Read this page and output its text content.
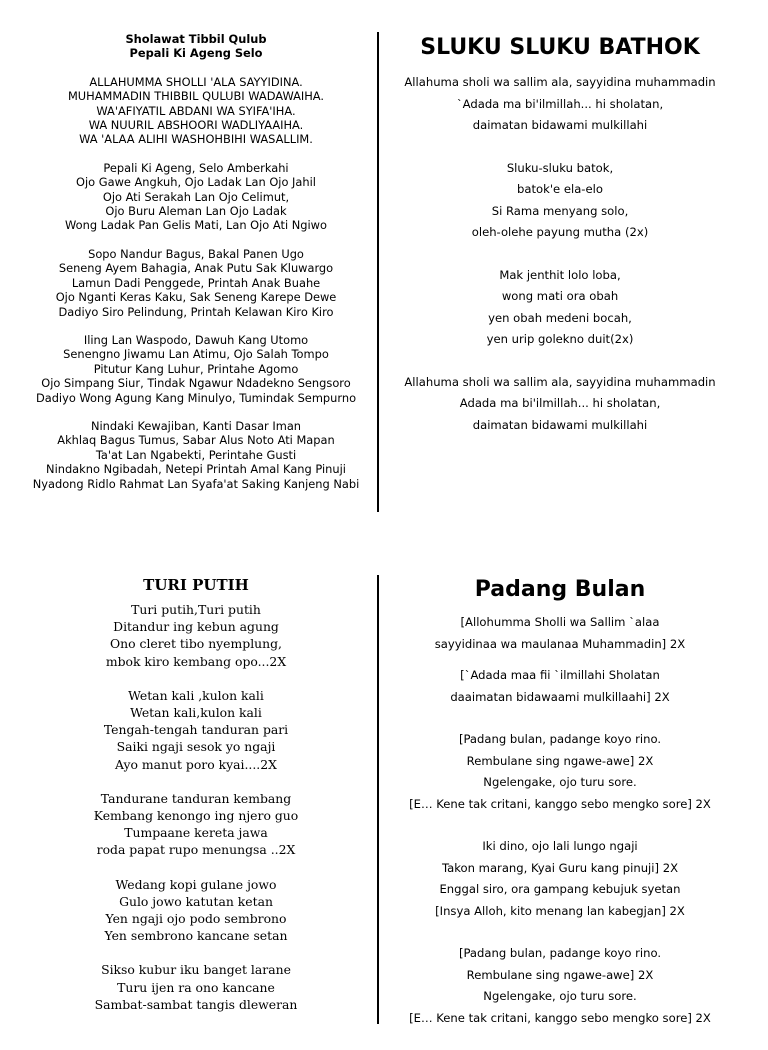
Sholawat Tibbil Qulub
Pepali Ki Ageng Selo
ALLAHUMMA SHOLLI 'ALA SAYYIDINA.
MUHAMMADIN THIBBIL QULUBI WADAWAIHA.
WA'AFIYATIL ABDANI WA SYIFA'IHA.
WA NUURIL ABSHOORI WADLIYAAIHA.
WA 'ALAA ALIHI WASHOHBIHI WASALLIM.
Pepali Ki Ageng, Selo Amberkahi
Ojo Gawe Angkuh, Ojo Ladak Lan Ojo Jahil
Ojo Ati Serakah Lan Ojo Celimut,
Ojo Buru Aleman Lan Ojo Ladak
Wong Ladak Pan Gelis Mati, Lan Ojo Ati Ngiwo
Sopo Nandur Bagus, Bakal Panen Ugo
Seneng Ayem Bahagia, Anak Putu Sak Kluwargo
Lamun Dadi Penggede, Printah Anak Buahe
Ojo Nganti Keras Kaku, Sak Seneng Karepe Dewe
Dadiyo Siro Pelindung, Printah Kelawan Kiro Kiro
Iling Lan Waspodo, Dawuh Kang Utomo
Senengno Jiwamu Lan Atimu, Ojo Salah Tompo
Pitutur Kang Luhur, Printahe Agomo
Ojo Simpang Siur, Tindak Ngawur Ndadekno Sengsoro
Dadiyo Wong Agung Kang Minulyo, Tumindak Sempurno
Nindaki Kewajiban, Kanti Dasar Iman
Akhlaq Bagus Tumus, Sabar Alus Noto Ati Mapan
Ta'at Lan Ngabekti, Perintahe Gusti
Nindakno Ngibadah, Netepi Printah Amal Kang Pinuji
Nyadong Ridlo Rahmat Lan Syafa'at Saking Kanjeng Nabi
SLUKU SLUKU BATHOK
Allahuma sholi wa sallim ala, sayyidina muhammadin
`Adada ma bi'ilmillah... hi sholatan,
daimatan bidawami mulkillahi
Sluku-sluku batok,
batok'e ela-elo
Si Rama menyang solo,
oleh-olehe payung mutha (2x)
Mak jenthit lolo loba,
wong mati ora obah
yen obah medeni bocah,
yen urip golekno duit(2x)
Allahuma sholi wa sallim ala, sayyidina muhammadin
Adada ma bi'ilmillah... hi sholatan,
daimatan bidawami mulkillahi
TURI PUTIH
Turi putih,Turi putih
Ditandur ing kebun agung
Ono cleret tibo nyemplung,
mbok kiro kembang opo...2X
Wetan kali ,kulon kali
Wetan kali,kulon kali
Tengah-tengah tanduran pari
Saiki ngaji sesok yo ngaji
Ayo manut poro kyai....2X
Tandurane tanduran kembang
Kembang kenongo ing njero guo
Tumpaane kereta jawa
roda papat rupo menungsa ..2X
Wedang kopi gulane jowo
Gulo jowo katutan ketan
Yen ngaji ojo podo sembrono
Yen sembrono kancane setan
Sikso kubur iku banget larane
Turu ijen ra ono kancane
Sambat-sambat tangis dleweran
Padang Bulan
[Allohumma Sholli wa Sallim `alaa
sayyidinaa wa maulanaa Muhammadin] 2X
[`Adada maa fii `ilmillahi Sholatan
daaimatan bidawaami mulkillaahi] 2X
[Padang bulan, padange koyo rino.
Rembulane sing ngawe-awe] 2X
Ngelengake, ojo turu sore.
[E… Kene tak critani, kanggo sebo mengko sore] 2X
Iki dino, ojo lali lungo ngaji
Takon marang, Kyai Guru kang pinuji] 2X
Enggal siro, ora gampang kebujuk syetan
[Insya Alloh, kito menang lan kabegjan] 2X
[Padang bulan, padange koyo rino.
Rembulane sing ngawe-awe] 2X
Ngelengake, ojo turu sore.
[E… Kene tak critani, kanggo sebo mengko sore] 2X
